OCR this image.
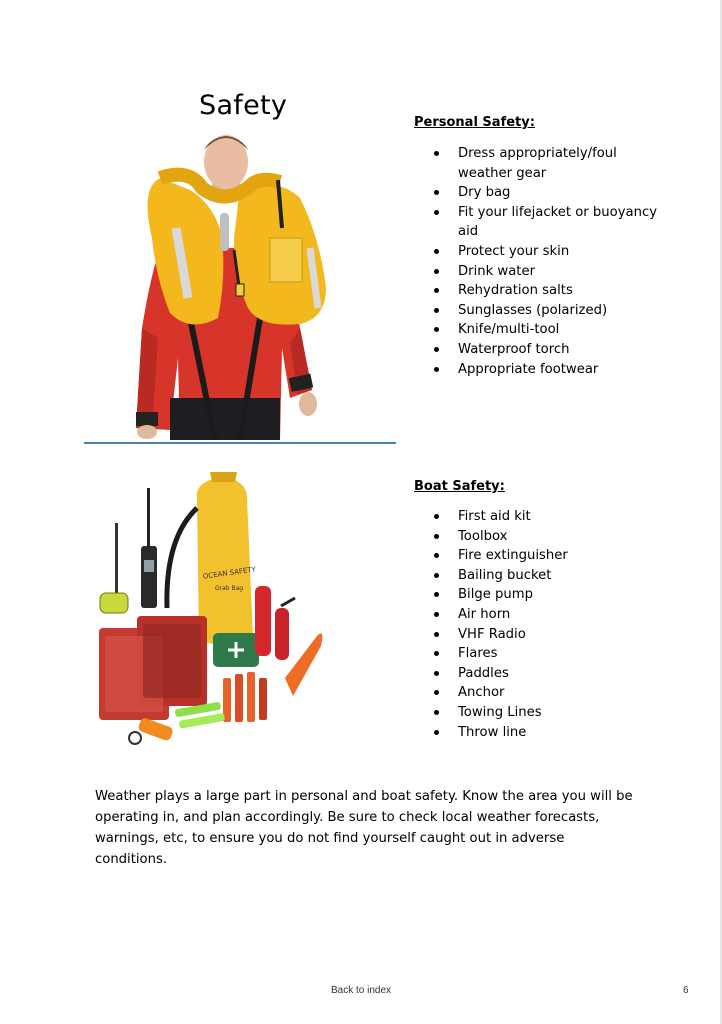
Safety
Personal Safety:
Dress appropriately/foul weather gear
Dry bag
Fit your lifejacket or buoyancy aid
Protect your skin
Drink water
Rehydration salts
Sunglasses (polarized)
Knife/multi-tool
Waterproof torch
Appropriate footwear
OCEAN SAFETY
Grab Bag
Boat Safety:
First aid kit
Toolbox
Fire extinguisher
Bailing bucket
Bilge pump
Air horn
VHF Radio
Flares
Paddles
Anchor
Towing Lines
Throw line
Weather plays a large part in personal and boat safety. Know the area you will be operating in, and plan accordingly. Be sure to check local weather forecasts, warnings, etc, to ensure you do not find yourself caught out in adverse conditions.
Back to index	6
